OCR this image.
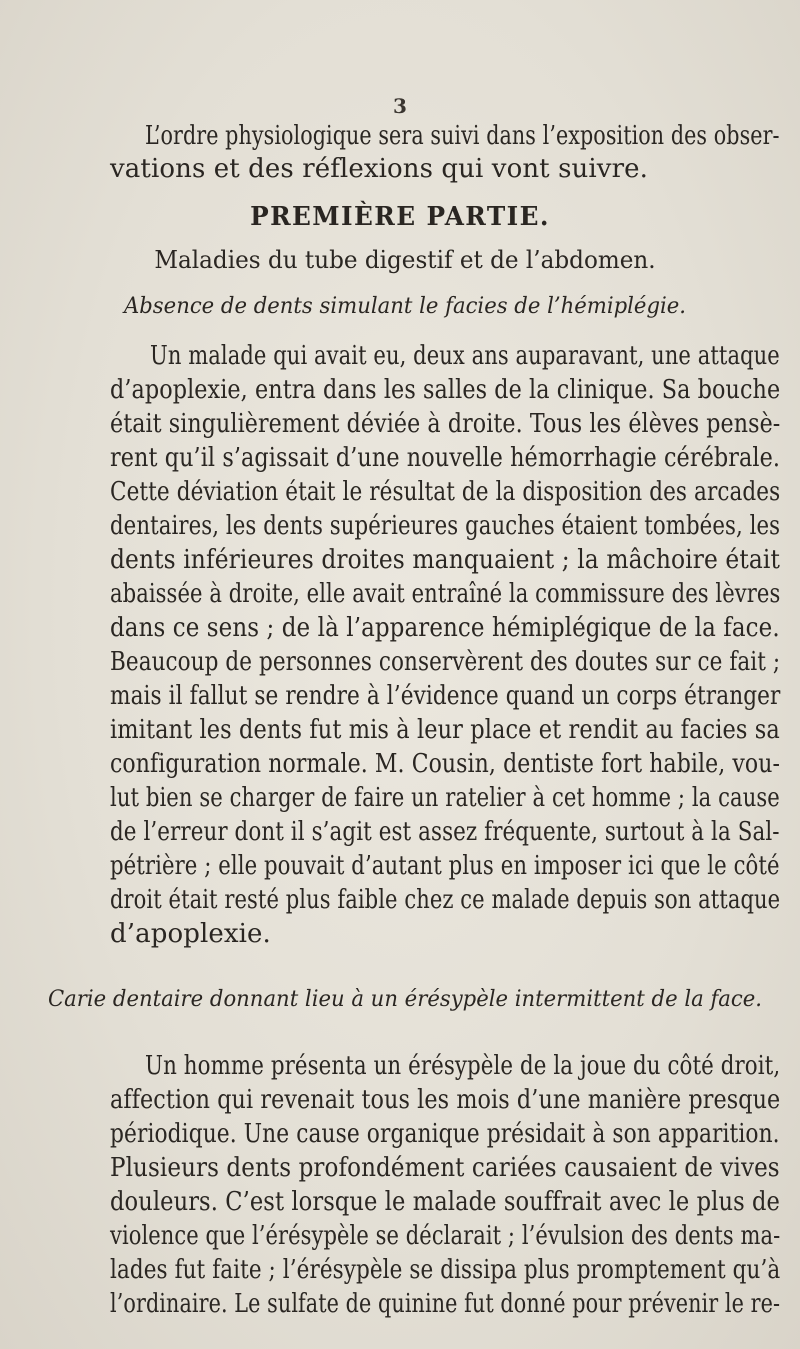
3
L’ordre physiologique sera suivi dans l’exposition des obser-
vations et des réflexions qui vont suivre.
PREMIÈRE PARTIE.
Maladies du tube digestif et de l’abdomen.
Absence de dents simulant le facies de l’hémiplégie.
Un malade qui avait eu, deux ans auparavant, une attaque
d’apoplexie, entra dans les salles de la clinique. Sa bouche
était singulièrement déviée à droite. Tous les élèves pensè-
rent qu’il s’agissait d’une nouvelle hémorrhagie cérébrale.
Cette déviation était le résultat de la disposition des arcades
dentaires, les dents supérieures gauches étaient tombées, les
dents inférieures droites manquaient ; la mâchoire était
abaissée à droite, elle avait entraîné la commissure des lèvres
dans ce sens ; de là l’apparence hémiplégique de la face.
Beaucoup de personnes conservèrent des doutes sur ce fait ;
mais il fallut se rendre à l’évidence quand un corps étranger
imitant les dents fut mis à leur place et rendit au facies sa
configuration normale. M. Cousin, dentiste fort habile, vou-
lut bien se charger de faire un ratelier à cet homme ; la cause
de l’erreur dont il s’agit est assez fréquente, surtout à la Sal-
pétrière ; elle pouvait d’autant plus en imposer ici que le côté
droit était resté plus faible chez ce malade depuis son attaque
d’apoplexie.
Carie dentaire donnant lieu à un érésypèle intermittent de la face.
Un homme présenta un érésypèle de la joue du côté droit,
affection qui revenait tous les mois d’une manière presque
périodique. Une cause organique présidait à son apparition.
Plusieurs dents profondément cariées causaient de vives
douleurs. C’est lorsque le malade souffrait avec le plus de
violence que l’érésypèle se déclarait ; l’évulsion des dents ma-
lades fut faite ; l’érésypèle se dissipa plus promptement qu’à
l’ordinaire. Le sulfate de quinine fut donné pour prévenir le re-
